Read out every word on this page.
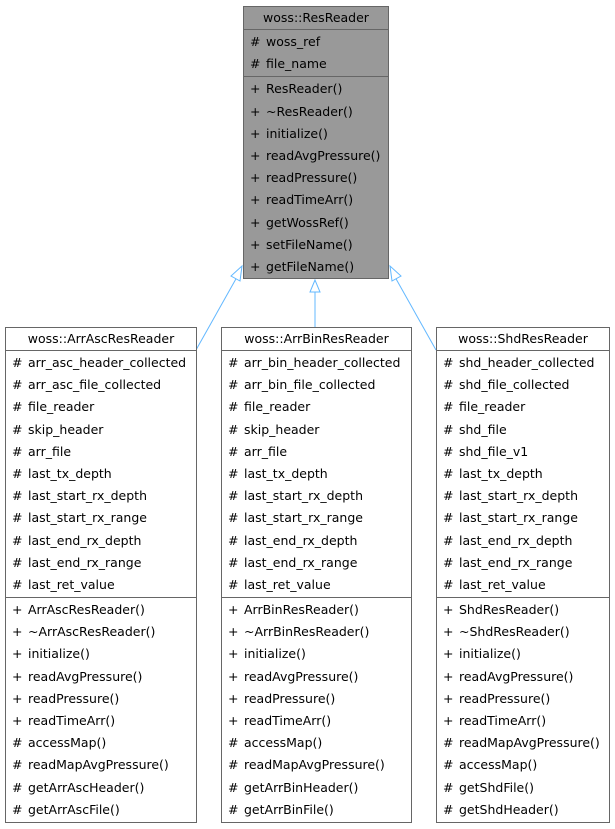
woss::ResReader
# woss_ref
# file_name
+ ResReader()
+ ~ResReader()
+ initialize()
+ readAvgPressure()
+ readPressure()
+ readTimeArr()
+ getWossRef()
+ setFileName()
+ getFileName()
woss::ArrAscResReader
# arr_asc_header_collected
# arr_asc_file_collected
# file_reader
# skip_header
# arr_file
# last_tx_depth
# last_start_rx_depth
# last_start_rx_range
# last_end_rx_depth
# last_end_rx_range
# last_ret_value
+ ArrAscResReader()
+ ~ArrAscResReader()
+ initialize()
+ readAvgPressure()
+ readPressure()
+ readTimeArr()
# accessMap()
# readMapAvgPressure()
# getArrAscHeader()
# getArrAscFile()
woss::ArrBinResReader
# arr_bin_header_collected
# arr_bin_file_collected
# file_reader
# skip_header
# arr_file
# last_tx_depth
# last_start_rx_depth
# last_start_rx_range
# last_end_rx_depth
# last_end_rx_range
# last_ret_value
+ ArrBinResReader()
+ ~ArrBinResReader()
+ initialize()
+ readAvgPressure()
+ readPressure()
+ readTimeArr()
# accessMap()
# readMapAvgPressure()
# getArrBinHeader()
# getArrBinFile()
woss::ShdResReader
# shd_header_collected
# shd_file_collected
# file_reader
# shd_file
# shd_file_v1
# last_tx_depth
# last_start_rx_depth
# last_start_rx_range
# last_end_rx_depth
# last_end_rx_range
# last_ret_value
+ ShdResReader()
+ ~ShdResReader()
+ initialize()
+ readAvgPressure()
+ readPressure()
+ readTimeArr()
# readMapAvgPressure()
# accessMap()
# getShdFile()
# getShdHeader()
